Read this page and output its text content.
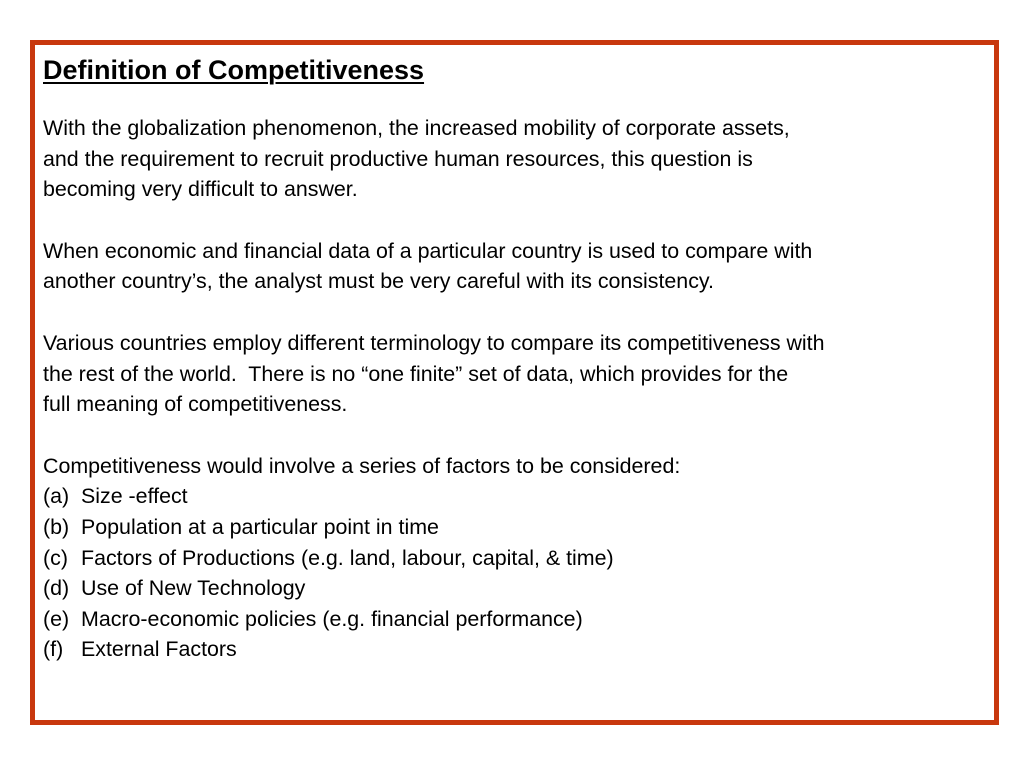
Definition of Competitiveness
With the globalization phenomenon, the increased mobility of corporate assets,
and the requirement to recruit productive human resources, this question is
becoming very difficult to answer.
When economic and financial data of a particular country is used to compare with
another country’s, the analyst must be very careful with its consistency.
Various countries employ different terminology to compare its competitiveness with
the rest of the world.  There is no “one finite” set of data, which provides for the
full meaning of competitiveness.
Competitiveness would involve a series of factors to be considered:
(a) Size -effect
(b) Population at a particular point in time
(c) Factors of Productions (e.g. land, labour, capital, & time)
(d) Use of New Technology
(e) Macro-economic policies (e.g. financial performance)
(f) External Factors
